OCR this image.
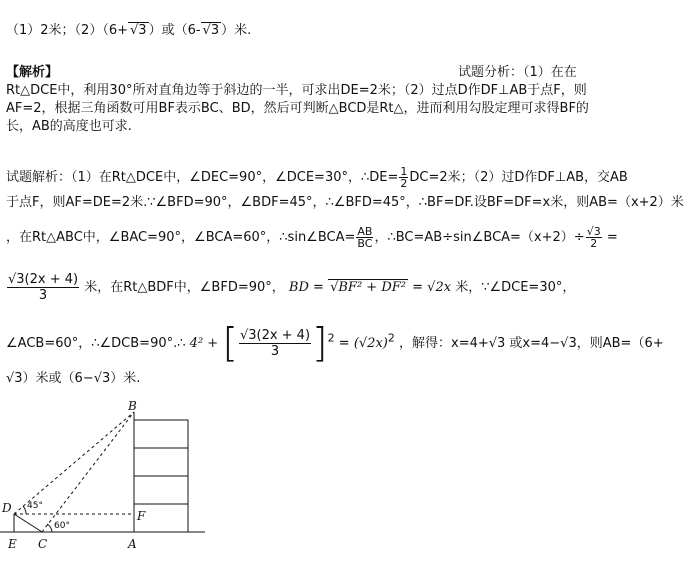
（1）2米；（2）（6+ √3 ）或（6- √3 ）米.
【解析】	试题分析：（1）在在
Rt△DCE中，利用30°所对直角边等于斜边的一半，可求出DE=2米；（2）过点D作DF⊥AB于点F，则
AF=2，根据三角函数可用BF表示BC、BD，然后可判断△BCD是Rt△，进而利用勾股定理可求得BF的
长，AB的高度也可求.
试题解析：（1）在Rt△DCE中，∠DEC=90°，∠DCE=30°，∴DE= $\frac{1}{2} DC=2$米；（2）过D作DF⊥AB，交AB
于点F，则AF=DE=2米.∵∠BFD=90°，∠BDF=45°，∴∠BFD=45°，∴BF=DF.设BF=DF=x米，则AB=（x+2）米
，在Rt△ABC中，∠BAC=90°，∠BCA=60°，∴sin∠BCA= $\frac{AB}{BC}$ ，∴BC=AB÷sin∠BCA=（x+2）÷ $\frac{√3}{2}$ =
$\frac{√3(2x + 4)}{3}$ 米，在Rt△BDF中，∠BFD=90°， BD = √BF² + DF² = √2x 米，∵∠DCE=30°，
∠ACB=60°，∴∠DCB=90°.∴ 4² + [ $\frac{√3(2x + 4)}{3} ]^2 = (√2x)^2$ ，解得：x=4+√3 或x=4−√3，则AB=（6+
√3）米或（6−√3）米.
B
D
E C	A
F
45°
60°
